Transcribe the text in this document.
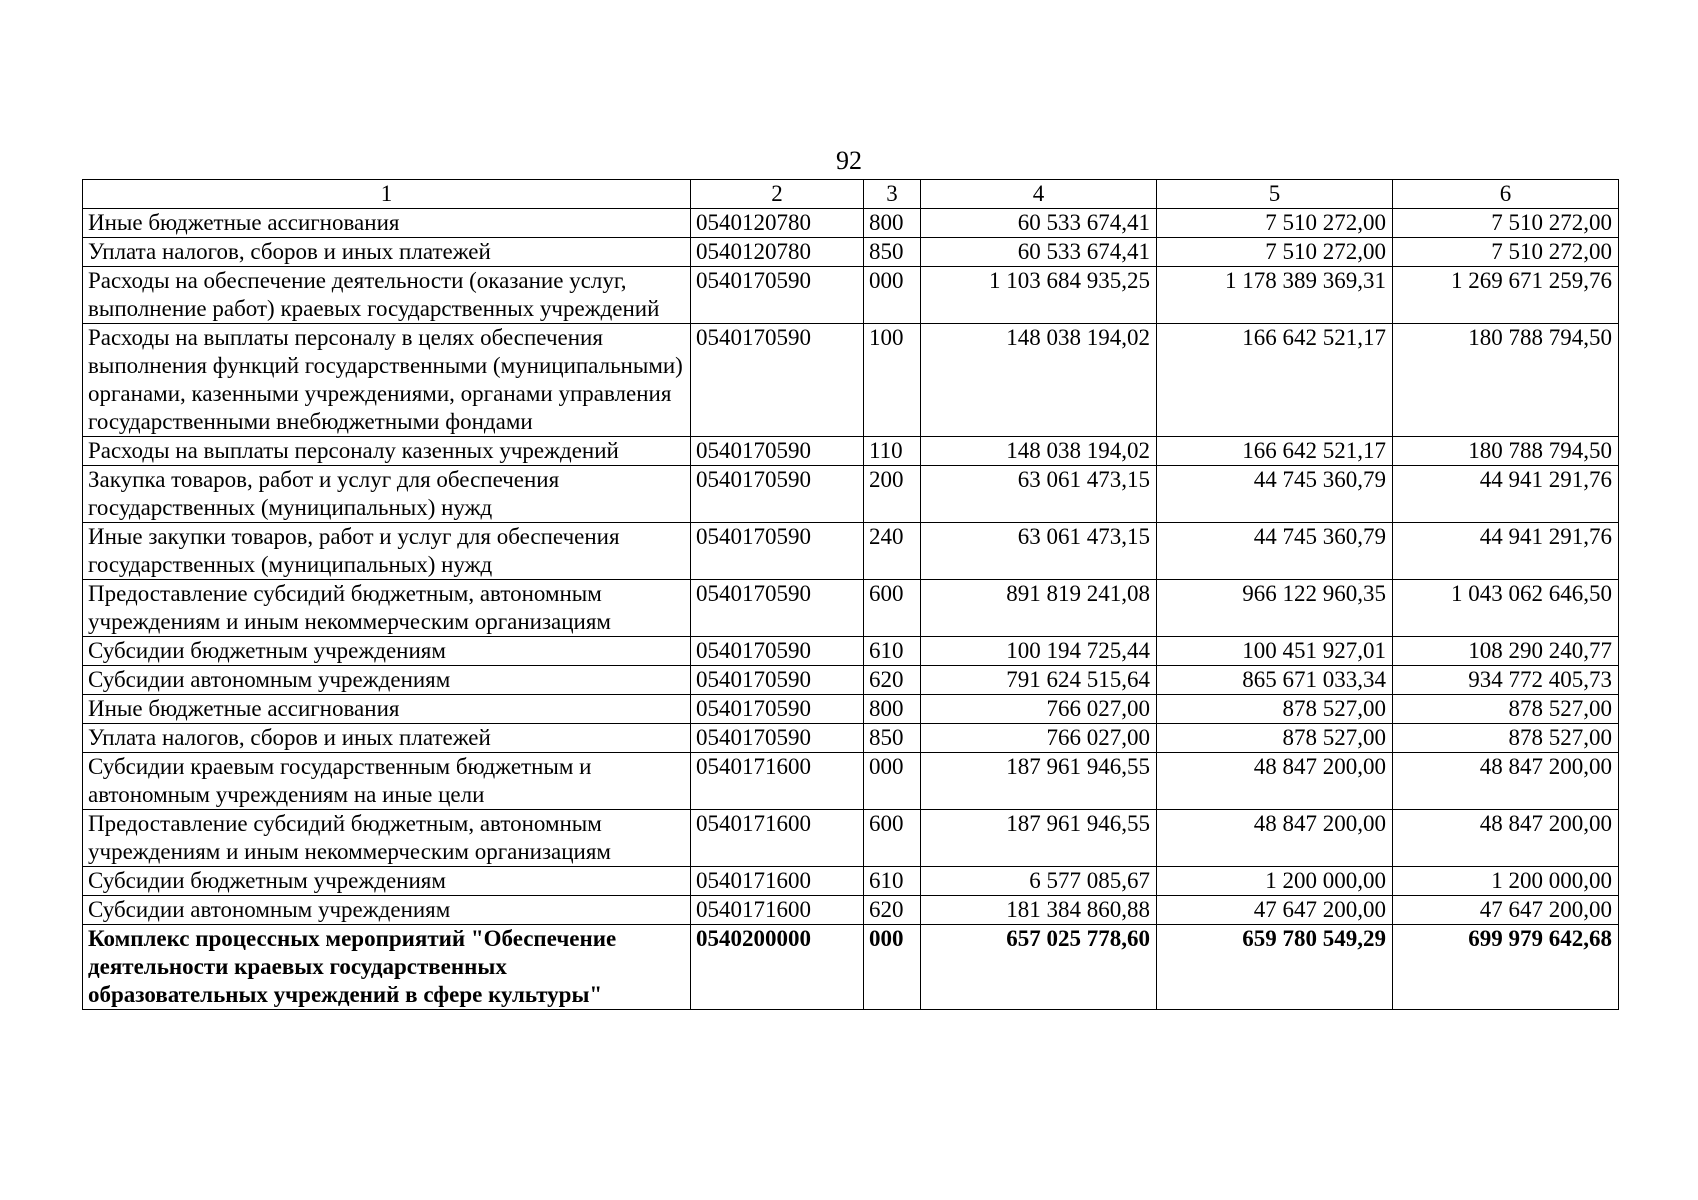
92
1	2	3	4	5	6
Иные бюджетные ассигнования	0540120780	800	60 533 674,41	7 510 272,00	7 510 272,00
Уплата налогов, сборов и иных платежей	0540120780	850	60 533 674,41	7 510 272,00	7 510 272,00
Расходы на обеспечение деятельности (оказание услуг, выполнение работ) краевых государственных учреждений	0540170590	000	1 103 684 935,25	1 178 389 369,31	1 269 671 259,76
Расходы на выплаты персоналу в целях обеспечения выполнения функций государственными (муниципальными) органами, казенными учреждениями, органами управления государственными внебюджетными фондами	0540170590	100	148 038 194,02	166 642 521,17	180 788 794,50
Расходы на выплаты персоналу казенных учреждений	0540170590	110	148 038 194,02	166 642 521,17	180 788 794,50
Закупка товаров, работ и услуг для обеспечения государственных (муниципальных) нужд	0540170590	200	63 061 473,15	44 745 360,79	44 941 291,76
Иные закупки товаров, работ и услуг для обеспечения государственных (муниципальных) нужд	0540170590	240	63 061 473,15	44 745 360,79	44 941 291,76
Предоставление субсидий бюджетным, автономным учреждениям и иным некоммерческим организациям	0540170590	600	891 819 241,08	966 122 960,35	1 043 062 646,50
Субсидии бюджетным учреждениям	0540170590	610	100 194 725,44	100 451 927,01	108 290 240,77
Субсидии автономным учреждениям	0540170590	620	791 624 515,64	865 671 033,34	934 772 405,73
Иные бюджетные ассигнования	0540170590	800	766 027,00	878 527,00	878 527,00
Уплата налогов, сборов и иных платежей	0540170590	850	766 027,00	878 527,00	878 527,00
Субсидии краевым государственным бюджетным и автономным учреждениям на иные цели	0540171600	000	187 961 946,55	48 847 200,00	48 847 200,00
Предоставление субсидий бюджетным, автономным учреждениям и иным некоммерческим организациям	0540171600	600	187 961 946,55	48 847 200,00	48 847 200,00
Субсидии бюджетным учреждениям	0540171600	610	6 577 085,67	1 200 000,00	1 200 000,00
Субсидии автономным учреждениям	0540171600	620	181 384 860,88	47 647 200,00	47 647 200,00
Комплекс процессных мероприятий "Обеспечение деятельности краевых государственных образовательных учреждений в сфере культуры"	0540200000	000	657 025 778,60	659 780 549,29	699 979 642,68
